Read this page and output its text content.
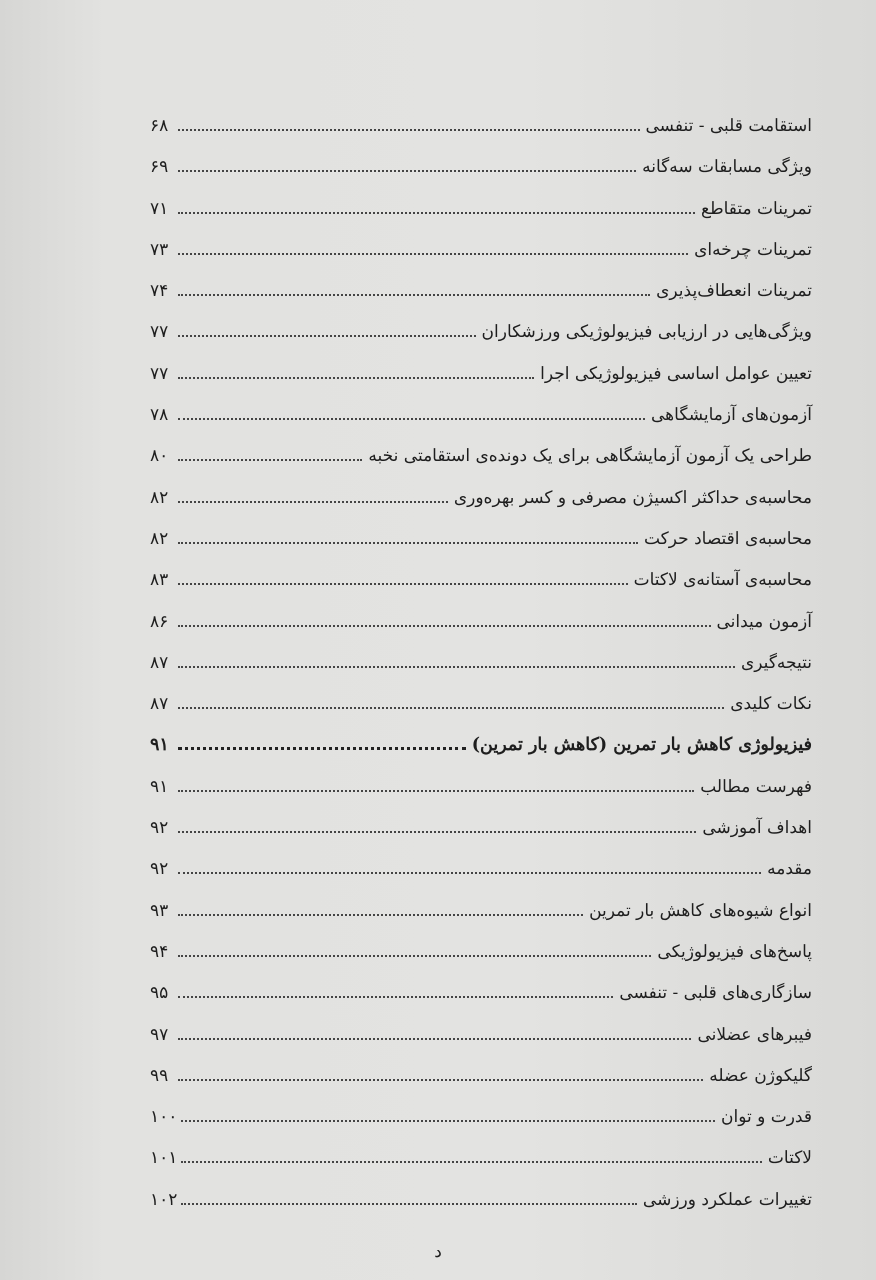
استقامت قلبی - تنفسی
۶۸
ویژگی مسابقات سه‌گانه
۶۹
تمرینات متقاطع
۷۱
تمرینات چرخه‌ای
۷۳
تمرینات انعطاف‌پذیری
۷۴
ویژگی‌هایی در ارزیابی فیزیولوژیکی ورزشکاران
۷۷
تعیین عوامل اساسی فیزیولوژیکی اجرا
۷۷
آزمون‌های آزمایشگاهی
۷۸
طراحی یک آزمون آزمایشگاهی برای یک دونده‌ی استقامتی نخبه
۸۰
محاسبه‌ی حداکثر اکسیژن مصرفی و کسر بهره‌وری
۸۲
محاسبه‌ی اقتصاد حرکت
۸۲
محاسبه‌ی آستانه‌ی لاکتات
۸۳
آزمون میدانی
۸۶
نتیجه‌گیری
۸۷
نکات کلیدی
۸۷
فیزیولوژی کاهش بار تمرین (کاهش بار تمرین)
۹۱
فهرست مطالب
۹۱
اهداف آموزشی
۹۲
مقدمه
۹۲
انواع شیوه‌های کاهش بار تمرین
۹۳
پاسخ‌های فیزیولوژیکی
۹۴
سازگاری‌های قلبی - تنفسی
۹۵
فیبرهای عضلانی
۹۷
گلیکوژن عضله
۹۹
قدرت و توان
۱۰۰
لاکتات
۱۰۱
تغییرات عملکرد ورزشی
۱۰۲
د
